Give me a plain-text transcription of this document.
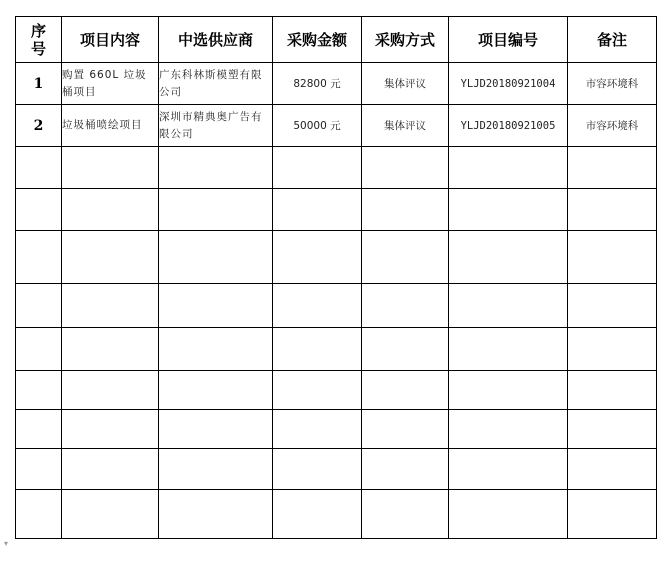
序
号	项目内容	中选供应商	采购金额	采购方式	项目编号	备注
1	购置 660L 垃圾桶项目	广东科林斯模塑有限公司	82800 元	集体评议	YLJD20180921004	市容环境科
2	垃圾桶喷绘项目	深圳市精典奥广告有限公司	50000 元	集体评议	YLJD20180921005	市容环境科

▾
